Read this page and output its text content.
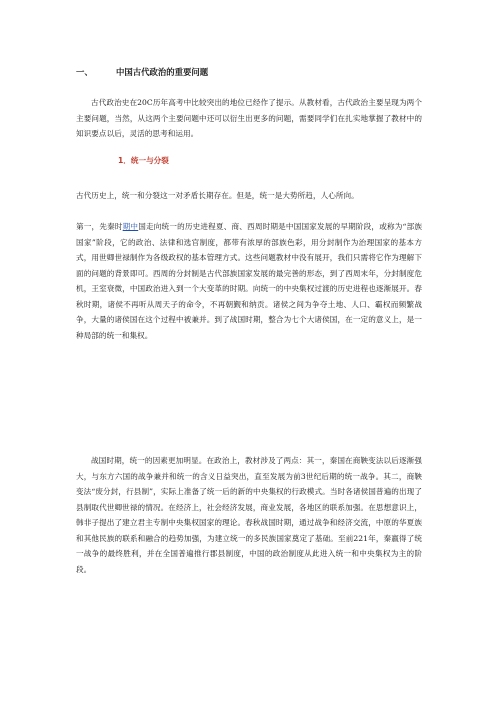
一、	中国古代政治的重要问题
古代政治史在20C历年高考中比较突出的地位已经作了提示。从教材看，古代政治主要呈现为两个主要问题，当然，从这两个主要问题中还可以衍生出更多的问题，需要同学们在扎实地掌握了教材中的知识要点以后，灵活的思考和运用。
1．统一与分裂
古代历史上，统一和分裂这一对矛盾长期存在。但是，统一是大势所趋，人心所向。
第一，先秦时期中国走向统一的历史进程夏、商、西周时期是中国国家发展的早期阶段，或称为“部族国家”阶段，它的政治、法律和选官制度，都带有浓厚的部族色彩，用分封制作为治理国家的基本方式，用世卿世禄制作为各级政权的基本管理方式。这些问题教材中没有展开，我们只需将它作为理解下面的问题的背景即可。西周的分封制是古代部族国家发展的最完善的形态，到了西周末年，分封制度危机，王室衰微，中国政治进入到一个大变革的时期。向统一的中央集权过渡的历史进程也逐渐展开。春秋时期，诸侯不再听从周天子的命令，不再朝觐和纳贡。诸侯之间为争夺土地、人口、霸权而频繁战争，大量的诸侯国在这个过程中被兼并。到了战国时期，整合为七个大诸侯国，在一定的意义上，是一种局部的统一和集权。
战国时期，统一的因素更加明显。在政治上，教材涉及了两点：其一，秦国在商鞅变法以后逐渐强大，与东方六国的战争兼并和统一的含义日益突出，直至发展为前3世纪后期的统一战争。其二，商鞅变法“废分封，行县制”，实际上准备了统一后的新的中央集权的行政模式。当时各诸侯国普遍的出现了县制取代世卿世禄的情况。在经济上，社会经济发展，商业发展，各地区的联系加强。在思想意识上，韩非子提出了建立君主专制中央集权国家的理论。春秋战国时期，通过战争和经济交流，中原的华夏族和其他民族的联系和融合的趋势加强，为建立统一的多民族国家奠定了基础。至前221年，秦嬴得了统一战争的最终胜利，并在全国普遍推行郡县制度，中国的政治制度从此进入统一和中央集权为主的阶段。
